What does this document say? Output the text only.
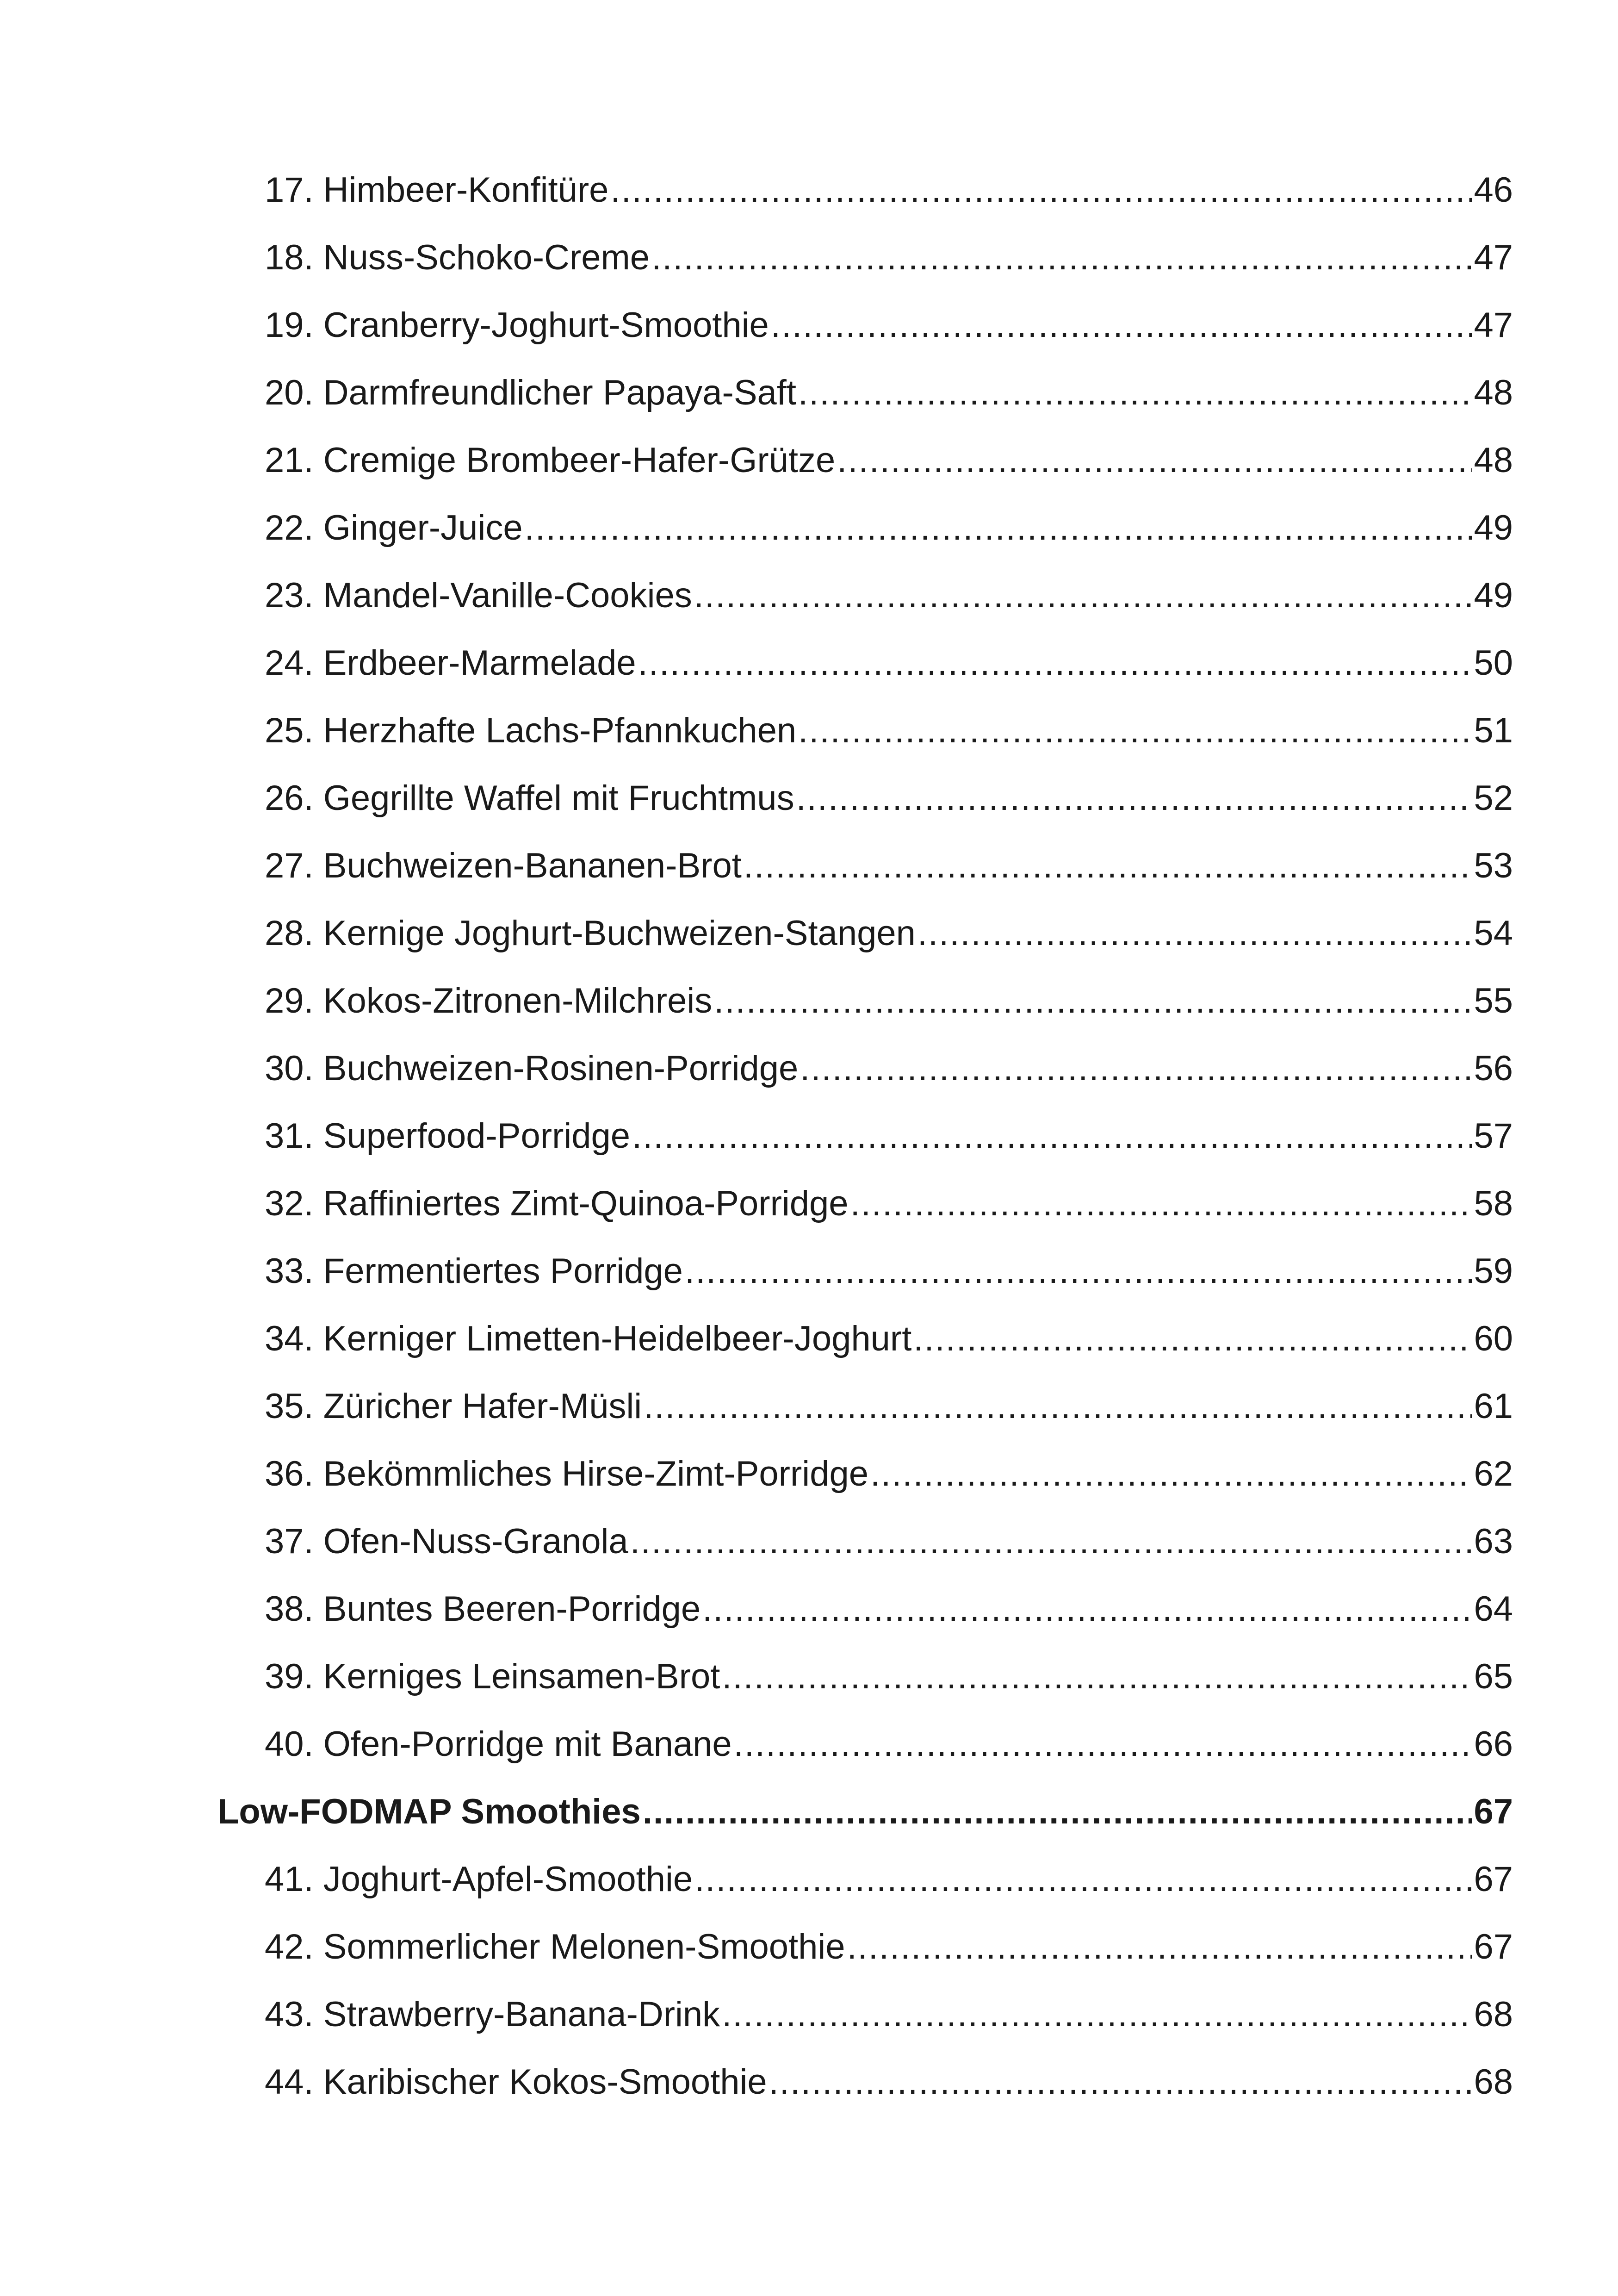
17. Himbeer-Konfitüre .....	46
18. Nuss-Schoko-Creme .....	47
19. Cranberry-Joghurt-Smoothie .....	47
20. Darmfreundlicher Papaya-Saft .....	48
21. Cremige Brombeer-Hafer-Grütze .....	48
22. Ginger-Juice .....	49
23. Mandel-Vanille-Cookies .....	49
24. Erdbeer-Marmelade .....	50
25. Herzhafte Lachs-Pfannkuchen .....	51
26. Gegrillte Waffel mit Fruchtmus .....	52
27. Buchweizen-Bananen-Brot .....	53
28. Kernige Joghurt-Buchweizen-Stangen .....	54
29. Kokos-Zitronen-Milchreis .....	55
30. Buchweizen-Rosinen-Porridge .....	56
31. Superfood-Porridge .....	57
32. Raffiniertes Zimt-Quinoa-Porridge .....	58
33. Fermentiertes Porridge .....	59
34. Kerniger Limetten-Heidelbeer-Joghurt .....	60
35. Züricher Hafer-Müsli .....	61
36. Bekömmliches Hirse-Zimt-Porridge .....	62
37. Ofen-Nuss-Granola .....	63
38. Buntes Beeren-Porridge .....	64
39. Kerniges Leinsamen-Brot .....	65
40. Ofen-Porridge mit Banane .....	66
Low-FODMAP Smoothies .....	67
41. Joghurt-Apfel-Smoothie .....	67
42. Sommerlicher Melonen-Smoothie .....	67
43. Strawberry-Banana-Drink .....	68
44. Karibischer Kokos-Smoothie .....	68
